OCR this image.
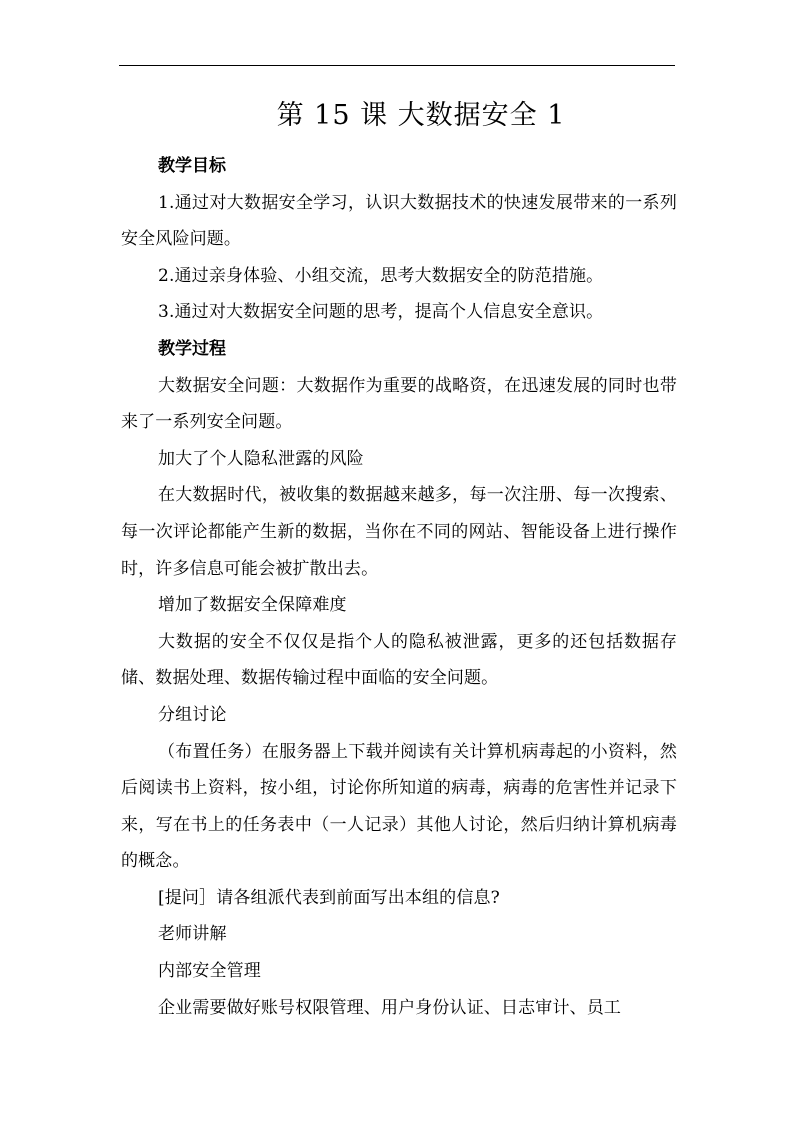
第 15 课 大数据安全 1

教学目标

1.通过对大数据安全学习，认识大数据技术的快速发展带来的一系列安全风险问题。

2.通过亲身体验、小组交流，思考大数据安全的防范措施。

3.通过对大数据安全问题的思考，提高个人信息安全意识。

教学过程

大数据安全问题：大数据作为重要的战略资，在迅速发展的同时也带来了一系列安全问题。

加大了个人隐私泄露的风险

在大数据时代，被收集的数据越来越多，每一次注册、每一次搜索、每一次评论都能产生新的数据，当你在不同的网站、智能设备上进行操作时，许多信息可能会被扩散出去。

增加了数据安全保障难度

大数据的安全不仅仅是指个人的隐私被泄露，更多的还包括数据存储、数据处理、数据传输过程中面临的安全问题。

分组讨论

（布置任务）在服务器上下载并阅读有关计算机病毒起的小资料，然后阅读书上资料，按小组，讨论你所知道的病毒，病毒的危害性并记录下来，写在书上的任务表中（一人记录）其他人讨论，然后归纳计算机病毒的概念。

[提问］请各组派代表到前面写出本组的信息?

老师讲解

内部安全管理

企业需要做好账号权限管理、用户身份认证、日志审计、员工
